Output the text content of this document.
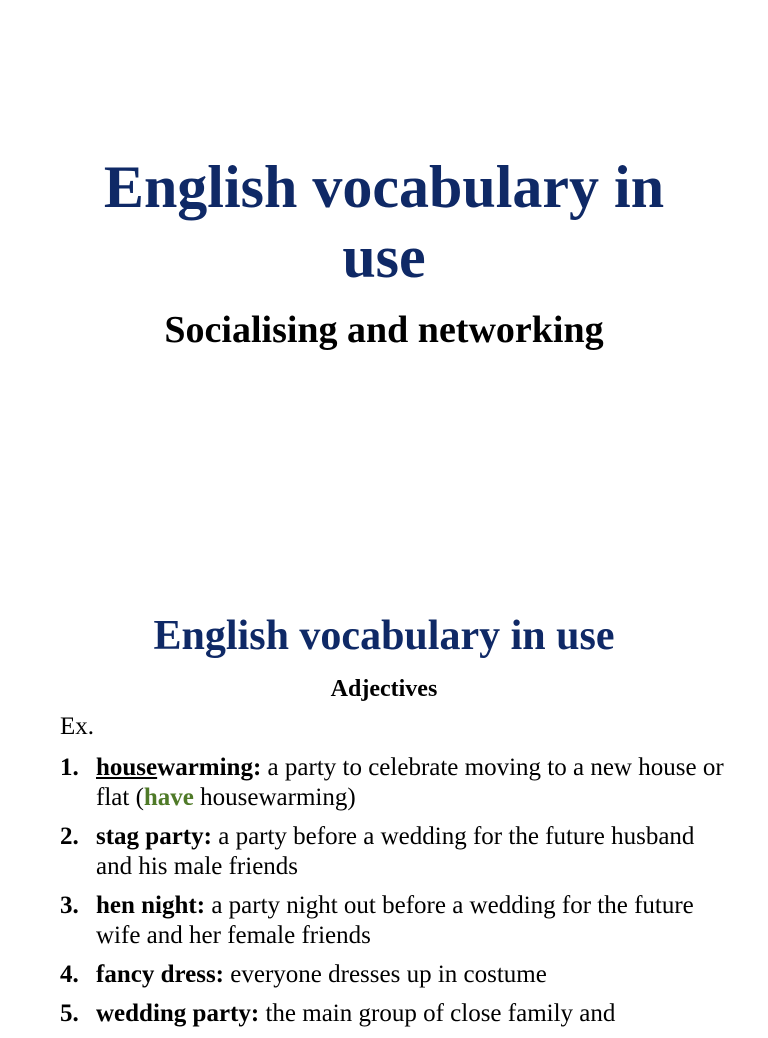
English vocabulary in
use
Socialising and networking
English vocabulary in use
Adjectives
Ex.
1. housewarming: a party to celebrate moving to a new house or flat (have housewarming)
2. stag party: a party before a wedding for the future husband and his male friends
3. hen night: a party night out before a wedding for the future wife and her female friends
4. fancy dress: everyone dresses up in costume
5. wedding party: the main group of close family and
